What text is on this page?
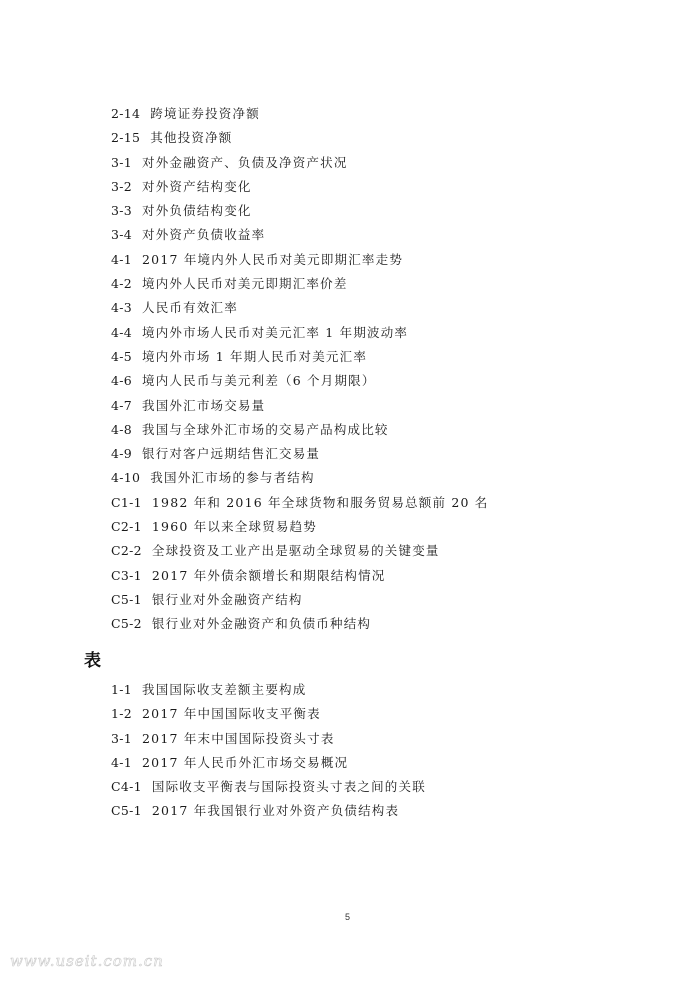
2-14 跨境证券投资净额
2-15 其他投资净额
3-1 对外金融资产、负债及净资产状况
3-2 对外资产结构变化
3-3 对外负债结构变化
3-4 对外资产负债收益率
4-1 2017 年境内外人民币对美元即期汇率走势
4-2 境内外人民币对美元即期汇率价差
4-3 人民币有效汇率
4-4 境内外市场人民币对美元汇率 1 年期波动率
4-5 境内外市场 1 年期人民币对美元汇率
4-6 境内人民币与美元利差（6 个月期限）
4-7 我国外汇市场交易量
4-8 我国与全球外汇市场的交易产品构成比较
4-9 银行对客户远期结售汇交易量
4-10 我国外汇市场的参与者结构
C1-1 1982 年和 2016 年全球货物和服务贸易总额前 20 名
C2-1 1960 年以来全球贸易趋势
C2-2 全球投资及工业产出是驱动全球贸易的关键变量
C3-1 2017 年外债余额增长和期限结构情况
C5-1 银行业对外金融资产结构
C5-2 银行业对外金融资产和负债币种结构
表
1-1 我国国际收支差额主要构成
1-2 2017 年中国国际收支平衡表
3-1 2017 年末中国国际投资头寸表
4-1 2017 年人民币外汇市场交易概况
C4-1 国际收支平衡表与国际投资头寸表之间的关联
C5-1 2017 年我国银行业对外资产负债结构表
5
www.useit.com.cn
